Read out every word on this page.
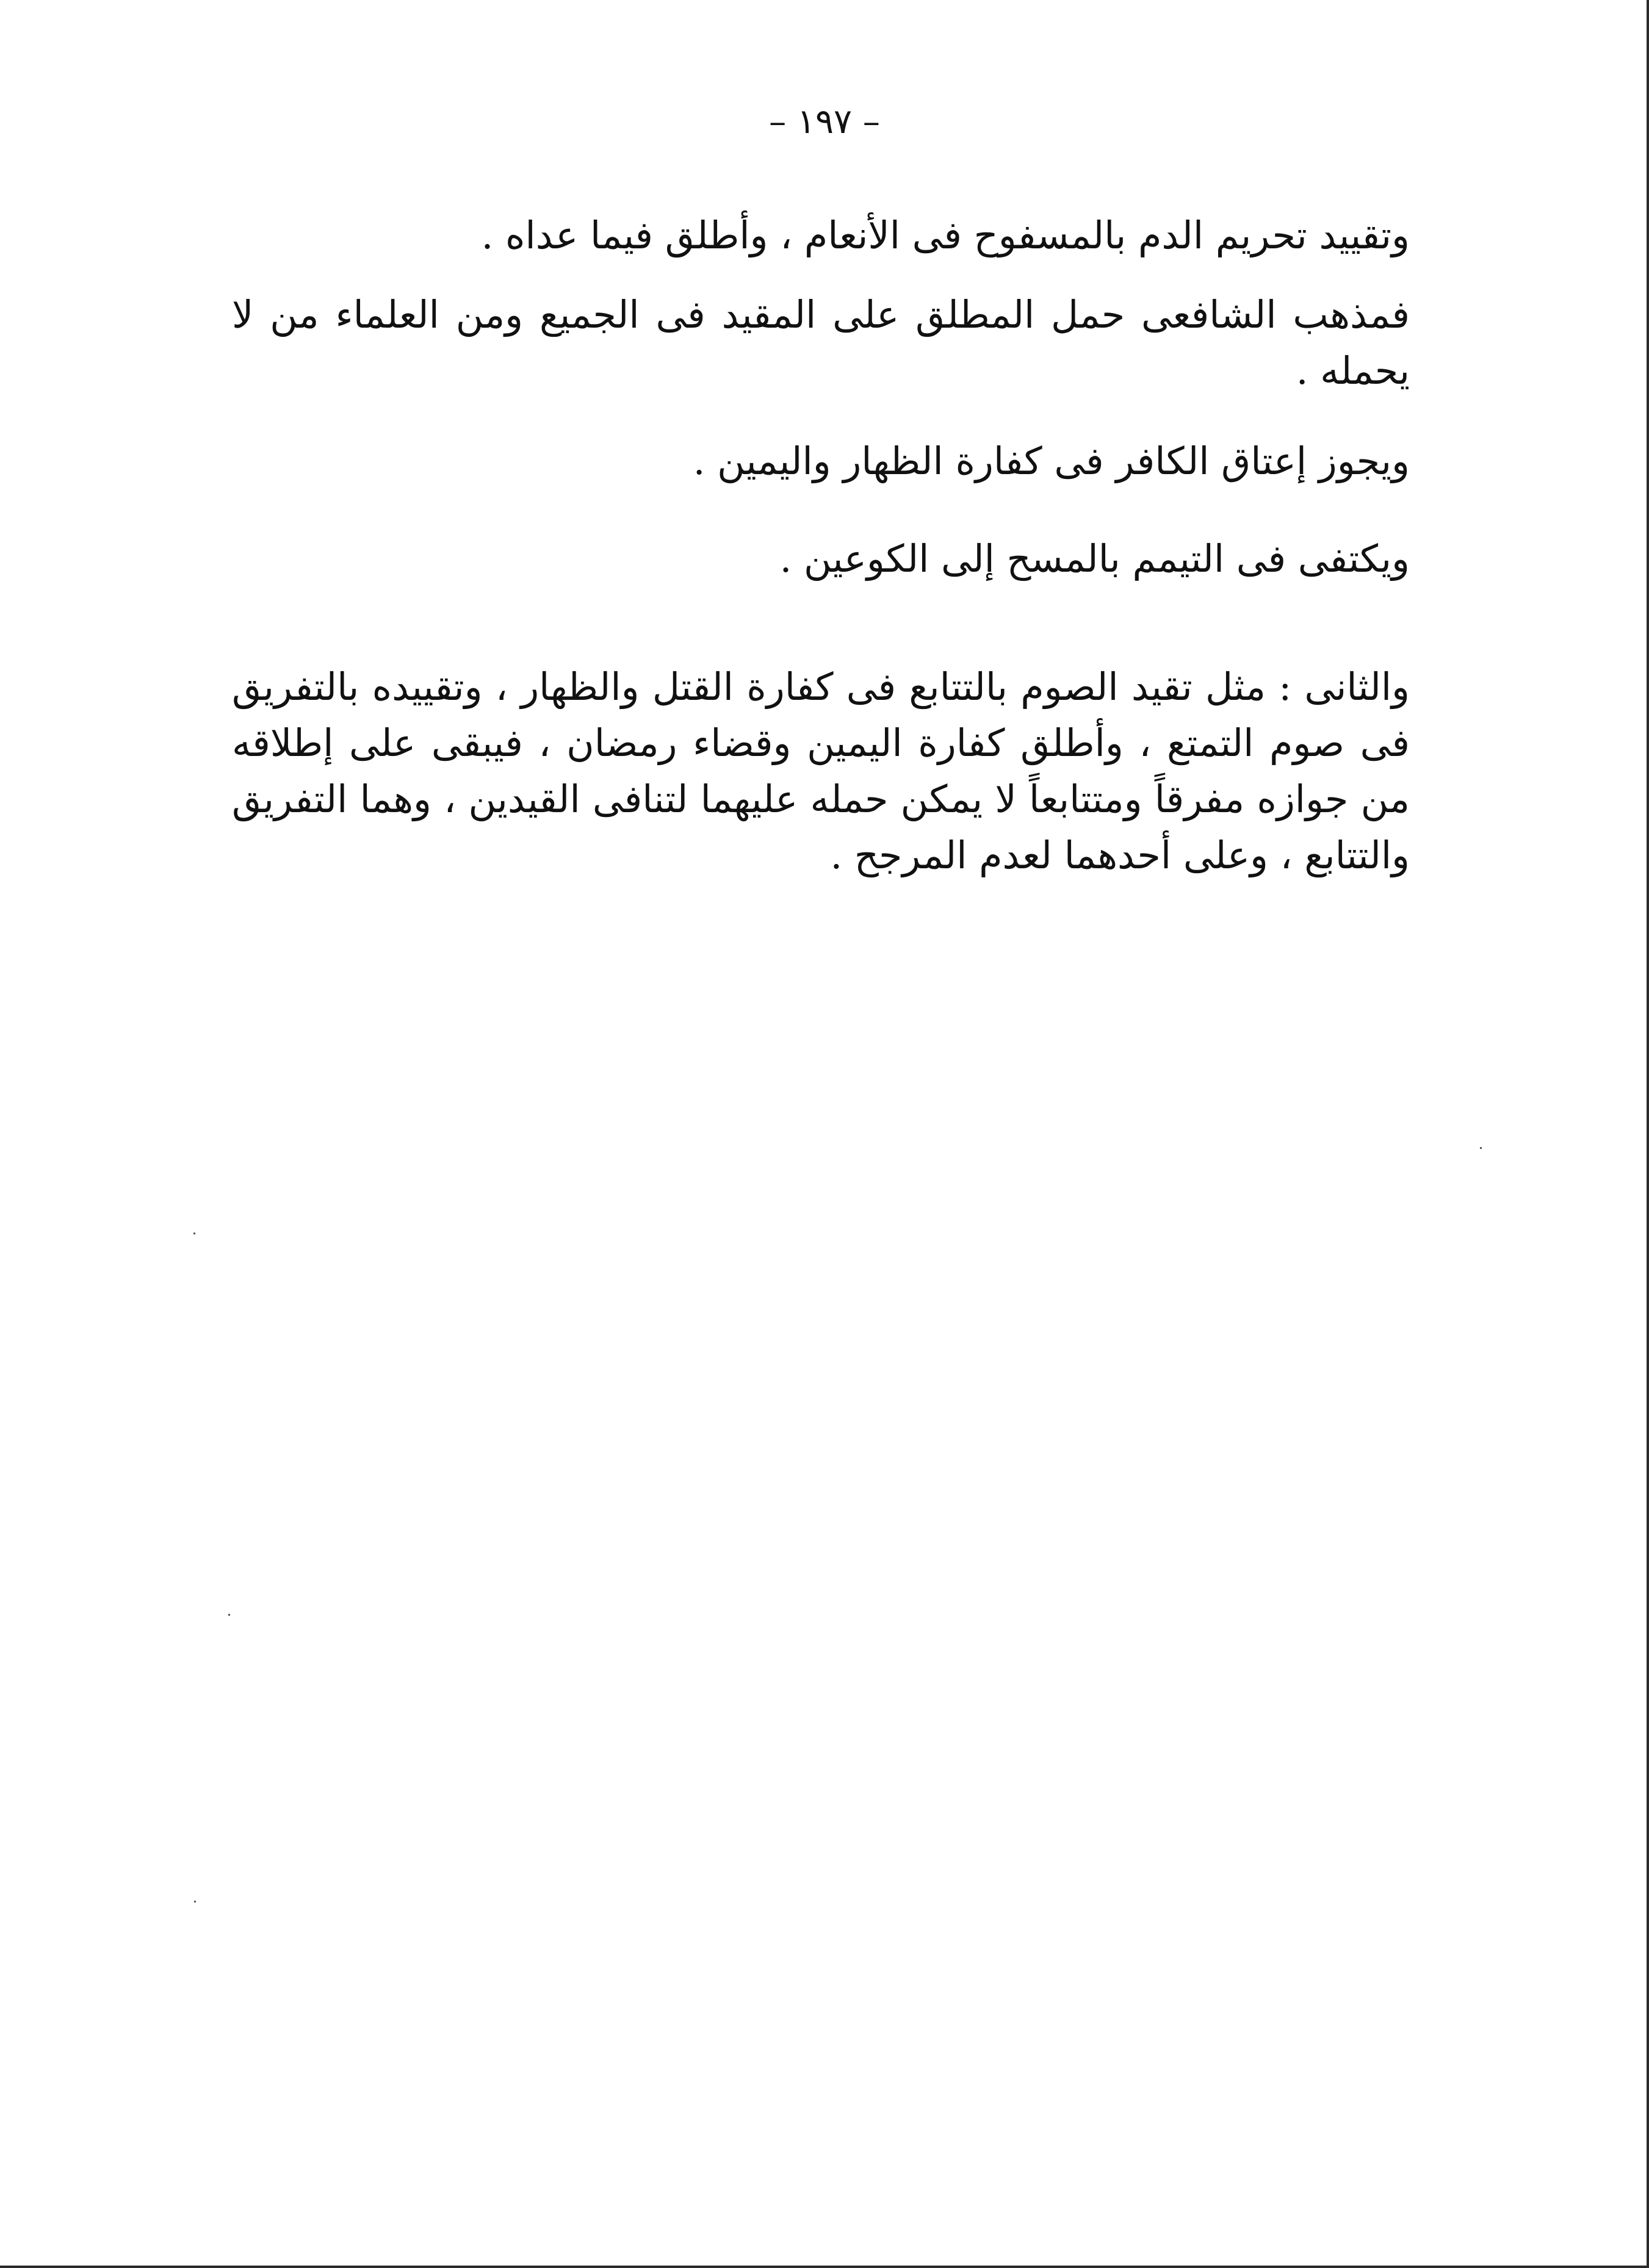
– ١٩٧ –

وتقييد تحريم الدم بالمسفوح فى الأنعام ، وأطلق فيما عداه .

فمذهب الشافعى حمل المطلق على المقيد فى الجميع ومن العلماء من لا يحمله .

ويجوز إعتاق الكافر فى كفارة الظهار واليمين .

ويكتفى فى التيمم بالمسح إلى الكوعين .

والثانى : مثل تقيد الصوم بالتتابع فى كفارة القتل والظهار ، وتقييده بالتفريق فى صوم التمتع ، وأطلق كفارة اليمين وقضاء رمضان ، فيبقى على إطلاقه من جوازه مفرقاً ومتتابعاً لا يمكن حمله عليهما لتنافى القيدين ، وهما التفريق والتتابع ، وعلى أحدهما لعدم المرجح .
